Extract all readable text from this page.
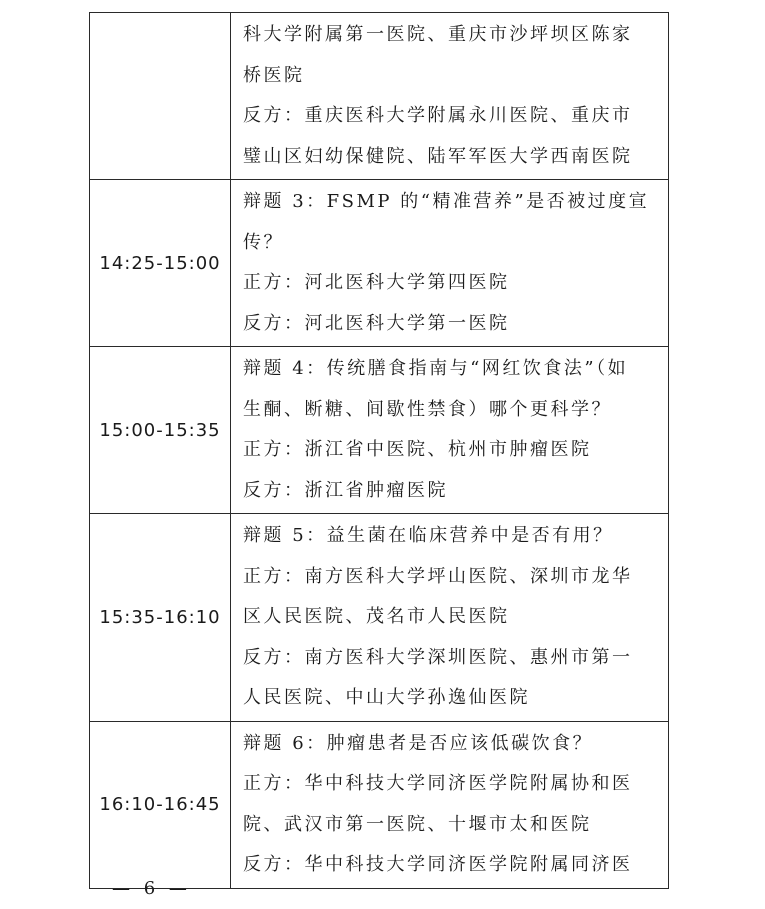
	科大学附属第一医院、重庆市沙坪坝区陈家
桥医院
反方：重庆医科大学附属永川医院、重庆市
璧山区妇幼保健院、陆军军医大学西南医院

14:25-15:00	辩题 3：FSMP 的“精准营养”是否被过度宣
传？
正方：河北医科大学第四医院
反方：河北医科大学第一医院

15:00-15:35	辩题 4：传统膳食指南与“网红饮食法”（如
生酮、断糖、间歇性禁食）哪个更科学？
正方：浙江省中医院、杭州市肿瘤医院
反方：浙江省肿瘤医院

15:35-16:10	辩题 5：益生菌在临床营养中是否有用？
正方：南方医科大学坪山医院、深圳市龙华
区人民医院、茂名市人民医院
反方：南方医科大学深圳医院、惠州市第一
人民医院、中山大学孙逸仙医院

16:10-16:45	辩题 6：肿瘤患者是否应该低碳饮食？
正方：华中科技大学同济医学院附属协和医
院、武汉市第一医院、十堰市太和医院
反方：华中科技大学同济医学院附属同济医
— 6 —
